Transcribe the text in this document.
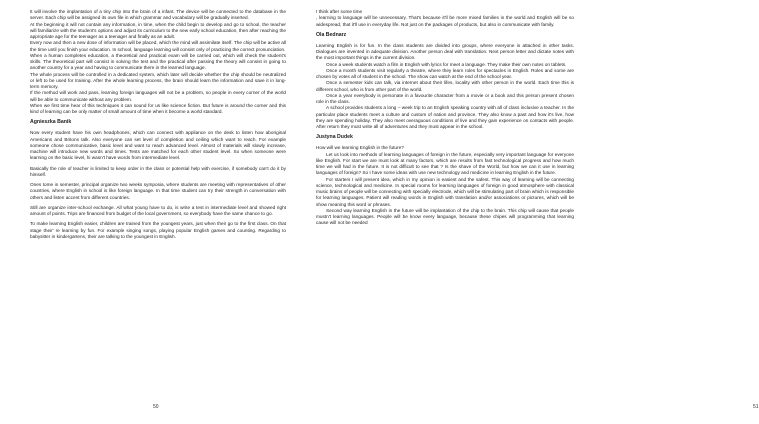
It will involve the implantation of a tiny chip into the brain of a infant. The device will be connected to the database in the server. Each chip will be assigned its own file in which grammar and vocabulary will be gradually inserted.

At the beginning it will not contain any information, in time, when the child begin to develop and go to school, the teacher will familiarize with the student's options and adjust its curriculum to the new early school education, then after reaching the appropriate age for the teenager as a teenager and finally as an adult.

Every now and then a new dose of information will be placed, which the mind will assimilate itself. The chip will be active all the time until you finish your education. In school, language learning will consist only of practicing the correct pronunciation.

When a human completes education, a theoretical and practical exam will be carried out, which will check the student's skills. The theoretical part will consist in solving the test and the practical after passing the theory will consist in going to another country for a year and having to communicate there in the learned language.

The whole process will be controlled in a dedicated system, which later will decide whether the chip should be neutralized or left to be used for training. After the whole learning process, the brain should learn the information and save it in long-term memory.

If the method will work and pass, learning foreign languages will not be a problem, so people in every corner of the world will be able to communicate without any problem.

When we first time hear of this techniques it can sound for us like science fiction. But future is around the corner and this kind of learning can be only matter of small amount of time when it become a world standard.

Agnieszka Banik

Now every student have his own headphones, which can connect with appliance on the desk to listen how aboriginal Americans and Britons talk. Also everyone can set level of completion and ceiling which want to reach. For example someone chose communicative, basic level and want to reach advanced level. Almost of materials will slowly increase, machine will introduce new words and times. Tests are matched for each other student level. So when someone were learning on the basic level, hi wasn't have words from intermediate level.

Basically the role of teacher is limited to keep order in the class or potential help with exercise, if somebody can't do it by himself.

Ones tome in semester, principal organize two weeks symposia, where students are meeting with representatives of other countries, where English in school is like foreign language. In that time student can try their strength in conversation with others and listen accent from different countries.

Still are organize inter-school exchange. All what young have to do, is write a test in intermediate level and showed right amount of points. Trips are financed from budget of the local government, so everybody have the same chance to go.

To make learning English easier, children are trained from the youngest years, just when their go to the first class. On that stage their' re learning by fun. For example singing songs, playing popular English games and counting. Regarding to babysitter in kindergartens, their are talking to the youngest in English.

50

I think after some time

, learning to language will be unnecessary. That's because it'll be more mixed families in the world and English will be so widespread, that it'll use in everyday life. Not just on the packages of products, but also in communicate with family.

Ola Bednarz

Learning English is for fun. In the class students are divided into groups, where everyone is attached in other tasks. Dialogues are invented in adequate division. Another person deal with translation. Next person letter and dictate notes with the most important things in the current division.

Once a week students watch a film in English with lyrics for meet a language. They make their own notes on tablets.

Once a month students visit regularly a theatre, where they learn roles for spectacles in English. Roles and some are chosen by votes all of student in the school. The show can watch at the end of the school year.

Once a semester kids can talk, via internet about their lifes, locality with other person in the world. Each time this is different school, who is from other part of the world.

Once a year everybody is personate in a favourite character from a movie or a book and this person present chosen role in the class.

A school provides students a long – week trip to an English speaking country with all of class inclusive a teacher. In the particular place students meet a culture and custom of nation and province. They also know a past and how it's live, how they are spending holiday. They also meet overaguous conditions of live and they gain experience on contacts with people. After return they must write all of adventures and they must appear in the school.

Justyna Dudek

How will we learning English in the future?

Let us look into methods of learning languages of foreign in the future, especially very important language for everyone like English. For start we are must look at many factors, which are results from fast technological progress and how much time we will had in the future. It is not difficult to see that ? Is the shave of the World, but how we can it use in learning languages of foreign? So I have some ideas with use new technology and medicine in learning English in the future.

For starters I will present idea, which in my opinion is easiest and the safest. This way of learning will be connecting science, technological and medicine. In special rooms for learning languages of foreign in good atmosphere with classical music brains of people will be connecting with specially electrode, which will be stimulating part of brain which is responsible for learning languages. Patient will reading words in English with translation and/or associations or pictures, which will be show meaning this word or phrases.

Second way learning English in the future will be implantation of the chip to the brain. This chip will cause that people mustn't learning languages. People will be know every language, because these chipes will programming that learning cause will not be needed

51
